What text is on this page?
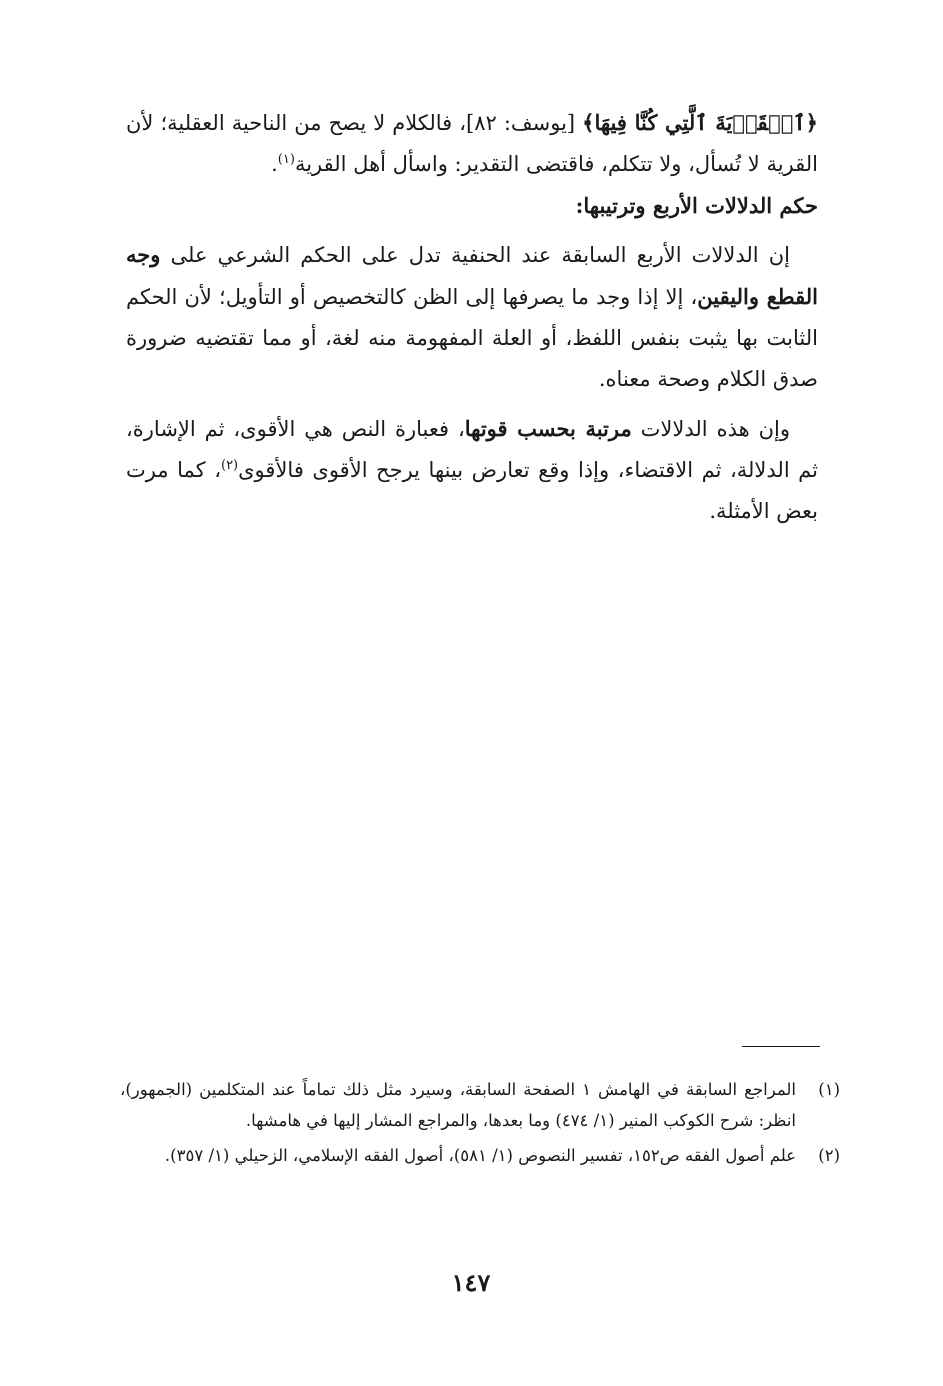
﴿ٱلۡقَرۡيَةَ ٱلَّتِي كُنَّا فِيهَا﴾ [يوسف: ٨٢]، فالكلام لا يصح من الناحية العقلية؛ لأن القرية لا تُسأل، ولا تتكلم، فاقتضى التقدير: واسأل أهل القرية$^{(١)}$.

حكم الدلالات الأربع وترتيبها:

إن الدلالات الأربع السابقة عند الحنفية تدل على الحكم الشرعي على وجه القطع واليقين، إلا إذا وجد ما يصرفها إلى الظن كالتخصيص أو التأويل؛ لأن الحكم الثابت بها يثبت بنفس اللفظ، أو العلة المفهومة منه لغة، أو مما تقتضيه ضرورة صدق الكلام وصحة معناه.

وإن هذه الدلالات مرتبة بحسب قوتها، فعبارة النص هي الأقوى، ثم الإشارة، ثم الدلالة، ثم الاقتضاء، وإذا وقع تعارض بينها يرجح الأقوى فالأقوى$^{(٢)}$، كما مرت بعض الأمثلة.

(١)
المراجع السابقة في الهامش ١ الصفحة السابقة، وسيرد مثل ذلك تماماً عند المتكلمين (الجمهور)، انظر: شرح الكوكب المنير (١/ ٤٧٤) وما بعدها، والمراجع المشار إليها في هامشها.
(٢)
علم أصول الفقه ص١٥٢، تفسير النصوص (١/ ٥٨١)، أصول الفقه الإسلامي، الزحيلي (١/ ٣٥٧).
١٤٧
